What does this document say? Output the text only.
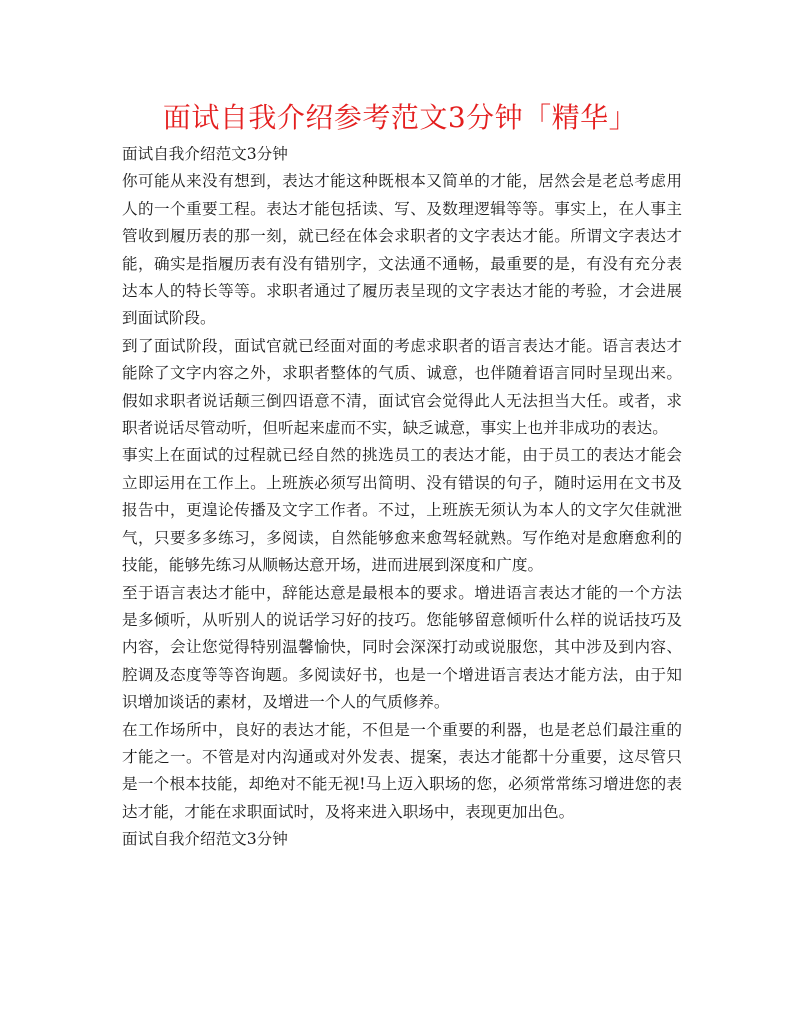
面试自我介绍参考范文3分钟「精华」

面试自我介绍范文3分钟

你可能从来没有想到，表达才能这种既根本又简单的才能，居然会是老总考虑用人的一个重要工程。表达才能包括读、写、及数理逻辑等等。事实上，在人事主管收到履历表的那一刻，就已经在体会求职者的文字表达才能。所谓文字表达才能，确实是指履历表有没有错别字，文法通不通畅，最重要的是，有没有充分表达本人的特长等等。求职者通过了履历表呈现的文字表达才能的考验，才会进展到面试阶段。

到了面试阶段，面试官就已经面对面的考虑求职者的语言表达才能。语言表达才能除了文字内容之外，求职者整体的气质、诚意，也伴随着语言同时呈现出来。假如求职者说话颠三倒四语意不清，面试官会觉得此人无法担当大任。或者，求职者说话尽管动听，但听起来虚而不实，缺乏诚意，事实上也并非成功的表达。

事实上在面试的过程就已经自然的挑选员工的表达才能，由于员工的表达才能会立即运用在工作上。上班族必须写出简明、没有错误的句子，随时运用在文书及报告中，更遑论传播及文字工作者。不过，上班族无须认为本人的文字欠佳就泄气，只要多多练习，多阅读，自然能够愈来愈驾轻就熟。写作绝对是愈磨愈利的技能，能够先练习从顺畅达意开场，进而进展到深度和广度。

至于语言表达才能中，辞能达意是最根本的要求。增进语言表达才能的一个方法是多倾听，从听别人的说话学习好的技巧。您能够留意倾听什么样的说话技巧及内容，会让您觉得特别温馨愉快，同时会深深打动或说服您，其中涉及到内容、腔调及态度等等咨询题。多阅读好书，也是一个增进语言表达才能方法，由于知识增加谈话的素材，及增进一个人的气质修养。

在工作场所中，良好的表达才能，不但是一个重要的利器，也是老总们最注重的才能之一。不管是对内沟通或对外发表、提案，表达才能都十分重要，这尽管只是一个根本技能，却绝对不能无视!马上迈入职场的您，必须常常练习增进您的表达才能，才能在求职面试时，及将来进入职场中，表现更加出色。

面试自我介绍范文3分钟
